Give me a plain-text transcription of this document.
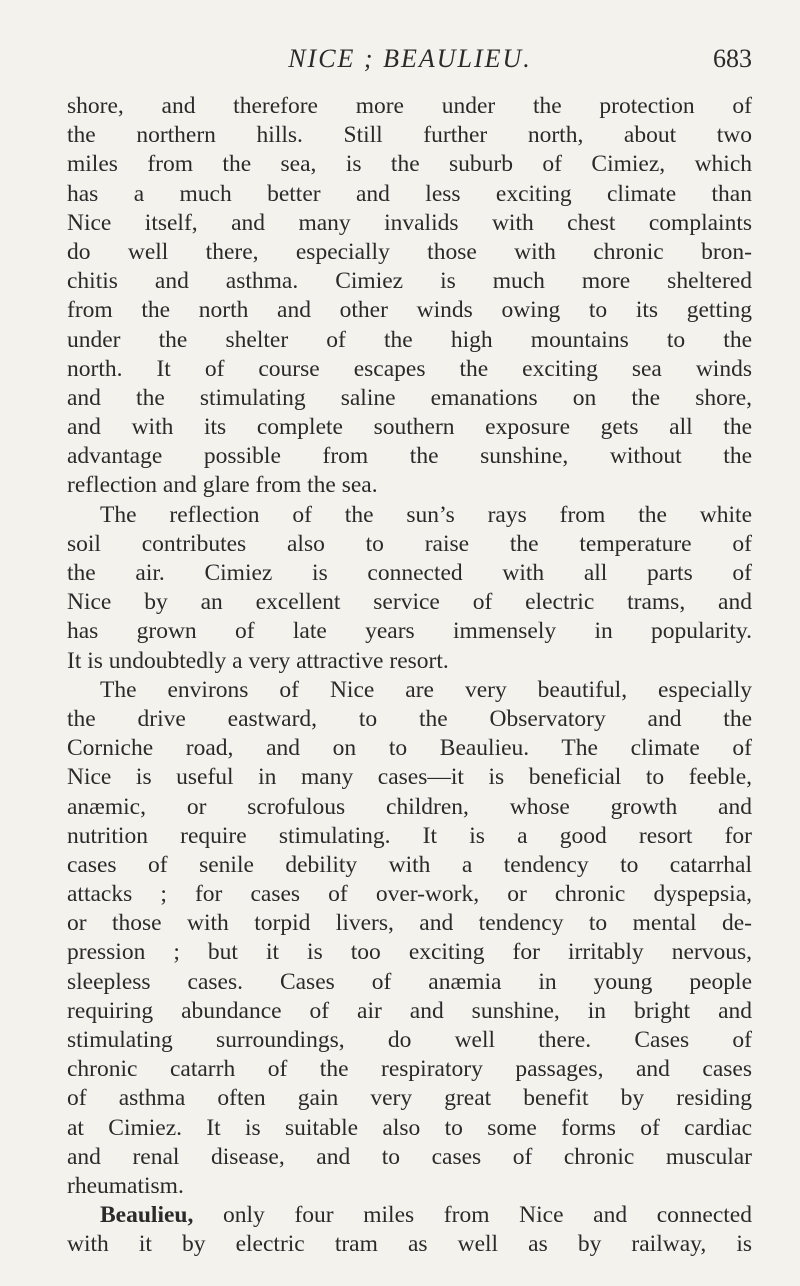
NICE ; BEAULIEU.	683
shore, and therefore more under the protection of
the northern hills. Still further north, about two
miles from the sea, is the suburb of Cimiez, which
has a much better and less exciting climate than
Nice itself, and many invalids with chest complaints
do well there, especially those with chronic bron-
chitis and asthma. Cimiez is much more sheltered
from the north and other winds owing to its getting
under the shelter of the high mountains to the
north. It of course escapes the exciting sea winds
and the stimulating saline emanations on the shore,
and with its complete southern exposure gets all the
advantage possible from the sunshine, without the
reflection and glare from the sea.
The reflection of the sun’s rays from the white
soil contributes also to raise the temperature of
the air. Cimiez is connected with all parts of
Nice by an excellent service of electric trams, and
has grown of late years immensely in popularity.
It is undoubtedly a very attractive resort.
The environs of Nice are very beautiful, especially
the drive eastward, to the Observatory and the
Corniche road, and on to Beaulieu. The climate of
Nice is useful in many cases—it is beneficial to feeble,
anæmic, or scrofulous children, whose growth and
nutrition require stimulating. It is a good resort for
cases of senile debility with a tendency to catarrhal
attacks ; for cases of over-work, or chronic dyspepsia,
or those with torpid livers, and tendency to mental de-
pression ; but it is too exciting for irritably nervous,
sleepless cases. Cases of anæmia in young people
requiring abundance of air and sunshine, in bright and
stimulating surroundings, do well there. Cases of
chronic catarrh of the respiratory passages, and cases
of asthma often gain very great benefit by residing
at Cimiez. It is suitable also to some forms of cardiac
and renal disease, and to cases of chronic muscular
rheumatism.
Beaulieu, only four miles from Nice and connected
with it by electric tram as well as by railway, is
